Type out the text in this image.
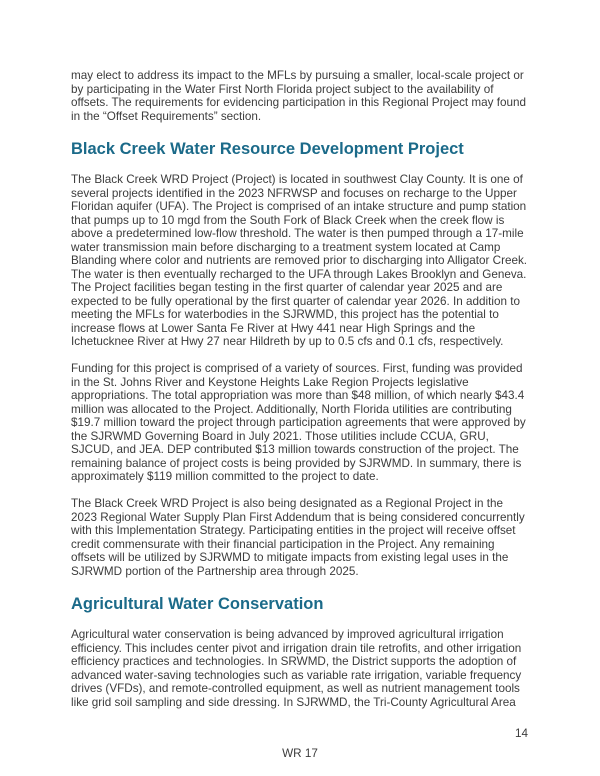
may elect to address its impact to the MFLs by pursuing a smaller, local-scale project or by participating in the Water First North Florida project subject to the availability of offsets. The requirements for evidencing participation in this Regional Project may found in the “Offset Requirements” section.

Black Creek Water Resource Development Project

The Black Creek WRD Project (Project) is located in southwest Clay County. It is one of several projects identified in the 2023 NFRWSP and focuses on recharge to the Upper Floridan aquifer (UFA). The Project is comprised of an intake structure and pump station that pumps up to 10 mgd from the South Fork of Black Creek when the creek flow is above a predetermined low-flow threshold. The water is then pumped through a 17-mile water transmission main before discharging to a treatment system located at Camp Blanding where color and nutrients are removed prior to discharging into Alligator Creek. The water is then eventually recharged to the UFA through Lakes Brooklyn and Geneva. The Project facilities began testing in the first quarter of calendar year 2025 and are expected to be fully operational by the first quarter of calendar year 2026. In addition to meeting the MFLs for waterbodies in the SJRWMD, this project has the potential to increase flows at Lower Santa Fe River at Hwy 441 near High Springs and the Ichetucknee River at Hwy 27 near Hildreth by up to 0.5 cfs and 0.1 cfs, respectively.

Funding for this project is comprised of a variety of sources. First, funding was provided in the St. Johns River and Keystone Heights Lake Region Projects legislative appropriations. The total appropriation was more than $48 million, of which nearly $43.4 million was allocated to the Project. Additionally, North Florida utilities are contributing $19.7 million toward the project through participation agreements that were approved by the SJRWMD Governing Board in July 2021. Those utilities include CCUA, GRU, SJCUD, and JEA. DEP contributed $13 million towards construction of the project. The remaining balance of project costs is being provided by SJRWMD. In summary, there is approximately $119 million committed to the project to date.

The Black Creek WRD Project is also being designated as a Regional Project in the 2023 Regional Water Supply Plan First Addendum that is being considered concurrently with this Implementation Strategy. Participating entities in the project will receive offset credit commensurate with their financial participation in the Project. Any remaining offsets will be utilized by SJRWMD to mitigate impacts from existing legal uses in the SJRWMD portion of the Partnership area through 2025.

Agricultural Water Conservation

Agricultural water conservation is being advanced by improved agricultural irrigation efficiency. This includes center pivot and irrigation drain tile retrofits, and other irrigation efficiency practices and technologies. In SRWMD, the District supports the adoption of advanced water-saving technologies such as variable rate irrigation, variable frequency drives (VFDs), and remote-controlled equipment, as well as nutrient management tools like grid soil sampling and side dressing. In SJRWMD, the Tri-County Agricultural Area

14
WR 17
